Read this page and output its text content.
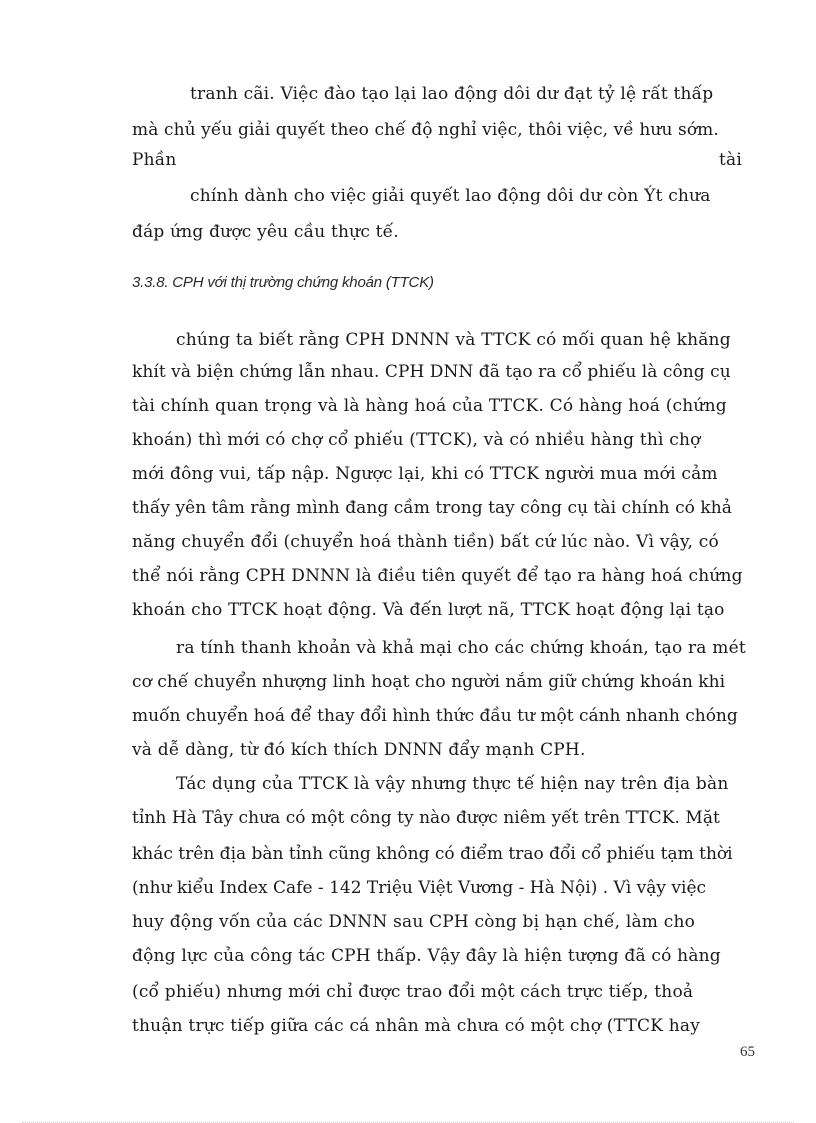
tranh cãi. Việc đào tạo lại lao động dôi dư đạt tỷ lệ rất thấp
mà chủ yếu giải quyết theo chế độ nghỉ việc, thôi việc, về hưu sớm.
Phần	tài
chính dành cho việc giải quyết lao động dôi dư còn Ýt chưa
đáp ứng được yêu cầu thực tế.
3.3.8. CPH với thị trường chứng khoán (TTCK)
chúng ta biết rằng CPH DNNN và TTCK có mối quan hệ khăng
khít và biện chứng lẫn nhau. CPH DNN đã tạo ra cổ phiếu là công cụ
tài chính quan trọng và là hàng hoá của TTCK. Có hàng hoá (chứng
khoán) thì mới có chợ cổ phiếu (TTCK), và có nhiều hàng thì chợ
mới đông vui, tấp nập. Ngược lại, khi có TTCK người mua mới cảm
thấy yên tâm rằng mình đang cầm trong tay công cụ tài chính có khả
năng chuyển đổi (chuyển hoá thành tiền) bất cứ lúc nào. Vì vậy, có
thể nói rằng CPH DNNN là điều tiên quyết để tạo ra hàng hoá chứng
khoán cho TTCK hoạt động. Và đến lượt nã, TTCK hoạt động lại tạo
ra tính thanh khoản và khả mại cho các chứng khoán, tạo ra mét
cơ chế chuyển nhượng linh hoạt cho người nắm giữ chứng khoán khi
muốn chuyển hoá để thay đổi hình thức đầu tư một cánh nhanh chóng
và dễ dàng, từ đó kích thích DNNN đẩy mạnh CPH.
Tác dụng của TTCK là vậy nhưng thực tế hiện nay trên địa bàn
tỉnh Hà Tây chưa có một công ty nào được niêm yết trên TTCK. Mặt
khác trên địa bàn tỉnh cũng không có điểm trao đổi cổ phiếu tạm thời
(như kiểu Index Cafe - 142 Triệu Việt Vương - Hà Nội) . Vì vậy việc
huy động vốn của các DNNN sau CPH còng bị hạn chế, làm cho
động lực của công tác CPH thấp. Vậy đây là hiện tượng đã có hàng
(cổ phiếu) nhưng mới chỉ được trao đổi một cách trực tiếp, thoả
thuận trực tiếp giữa các cá nhân mà chưa có một chợ (TTCK hay
65
